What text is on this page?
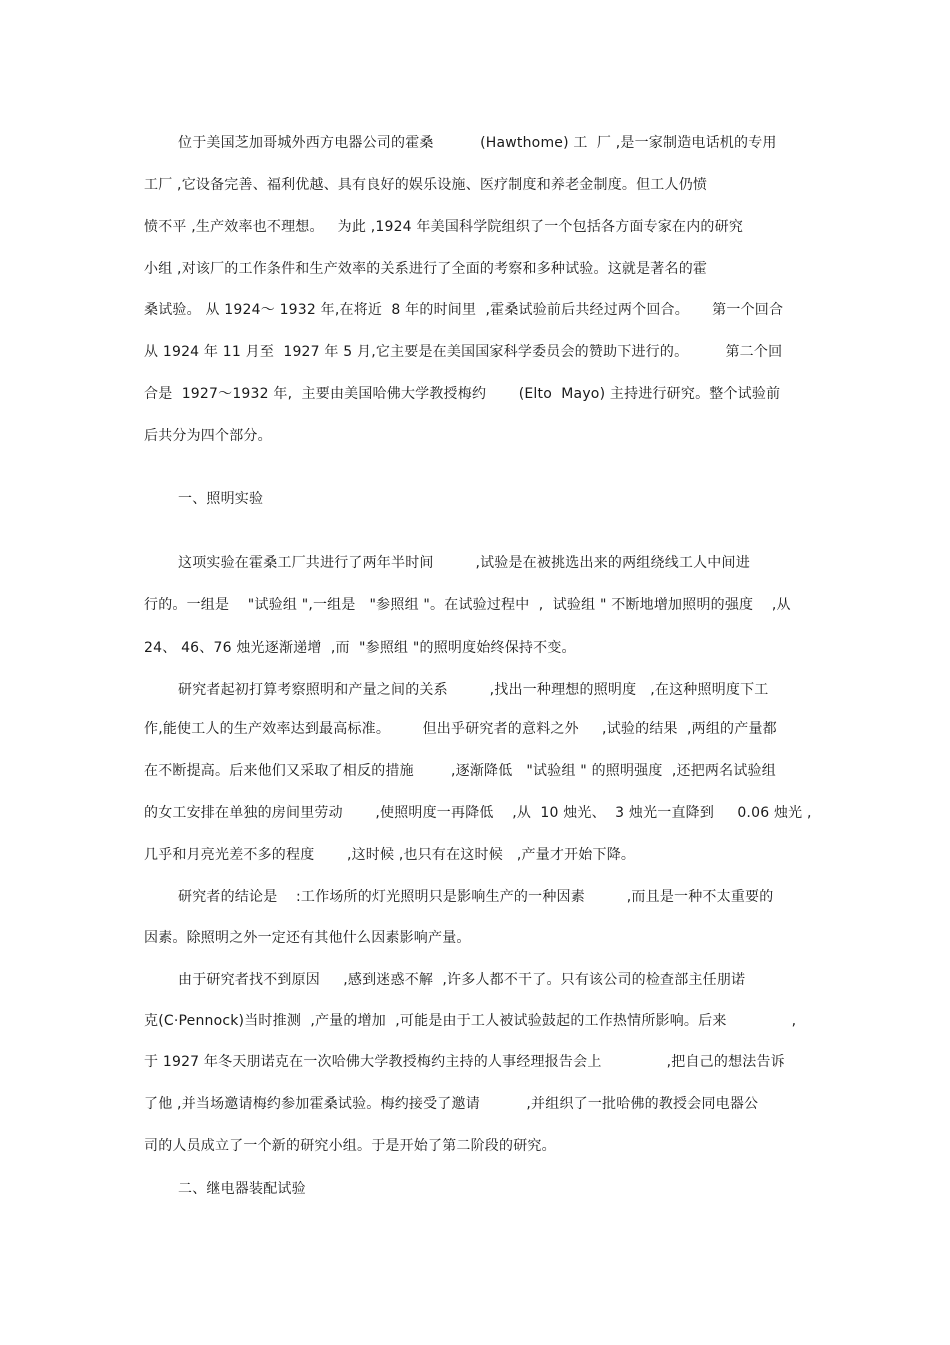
位于美国芝加哥城外西方电器公司的霍桑          (Hawthome) 工  厂 ,是一家制造电话机的专用
工厂 ,它设备完善、福利优越、具有良好的娱乐设施、医疗制度和养老金制度。但工人仍愤
愤不平 ,生产效率也不理想。   为此 ,1924 年美国科学院组织了一个包括各方面专家在内的研究
小组 ,对该厂的工作条件和生产效率的关系进行了全面的考察和多种试验。这就是著名的霍
桑试验。 从 1924～ 1932 年,在将近  8 年的时间里  ,霍桑试验前后共经过两个回合。     第一个回合
从 1924 年 11 月至  1927 年 5 月,它主要是在美国国家科学委员会的赞助下进行的。        第二个回
合是  1927～1932 年,  主要由美国哈佛大学教授梅约       (Elto  Mayo) 主持进行研究。整个试验前
后共分为四个部分。
一、照明实验
这项实验在霍桑工厂共进行了两年半时间         ,试验是在被挑选出来的两组绕线工人中间进
行的。一组是    "试验组 ",一组是   "参照组 "。在试验过程中  ,  试验组 " 不断地增加照明的强度    ,从
24、 46、76 烛光逐渐递增  ,而  "参照组 "的照明度始终保持不变。
研究者起初打算考察照明和产量之间的关系         ,找出一种理想的照明度   ,在这种照明度下工
作,能使工人的生产效率达到最高标准。       但出乎研究者的意料之外     ,试验的结果  ,两组的产量都
在不断提高。后来他们又采取了相反的措施        ,逐渐降低   "试验组 " 的照明强度  ,还把两名试验组
的女工安排在单独的房间里劳动       ,使照明度一再降低    ,从  10 烛光、  3 烛光一直降到     0.06 烛光 ,
几乎和月亮光差不多的程度       ,这时候 ,也只有在这时候   ,产量才开始下降。
研究者的结论是    :工作场所的灯光照明只是影响生产的一种因素         ,而且是一种不太重要的
因素。除照明之外一定还有其他什么因素影响产量。
由于研究者找不到原因     ,感到迷惑不解  ,许多人都不干了。只有该公司的检查部主任朋诺
克(C·Pennock)当时推测  ,产量的增加  ,可能是由于工人被试验鼓起的工作热情所影响。后来              ,
于 1927 年冬天朋诺克在一次哈佛大学教授梅约主持的人事经理报告会上              ,把自己的想法告诉
了他 ,并当场邀请梅约参加霍桑试验。梅约接受了邀请          ,并组织了一批哈佛的教授会同电器公
司的人员成立了一个新的研究小组。于是开始了第二阶段的研究。
二、继电器装配试验
